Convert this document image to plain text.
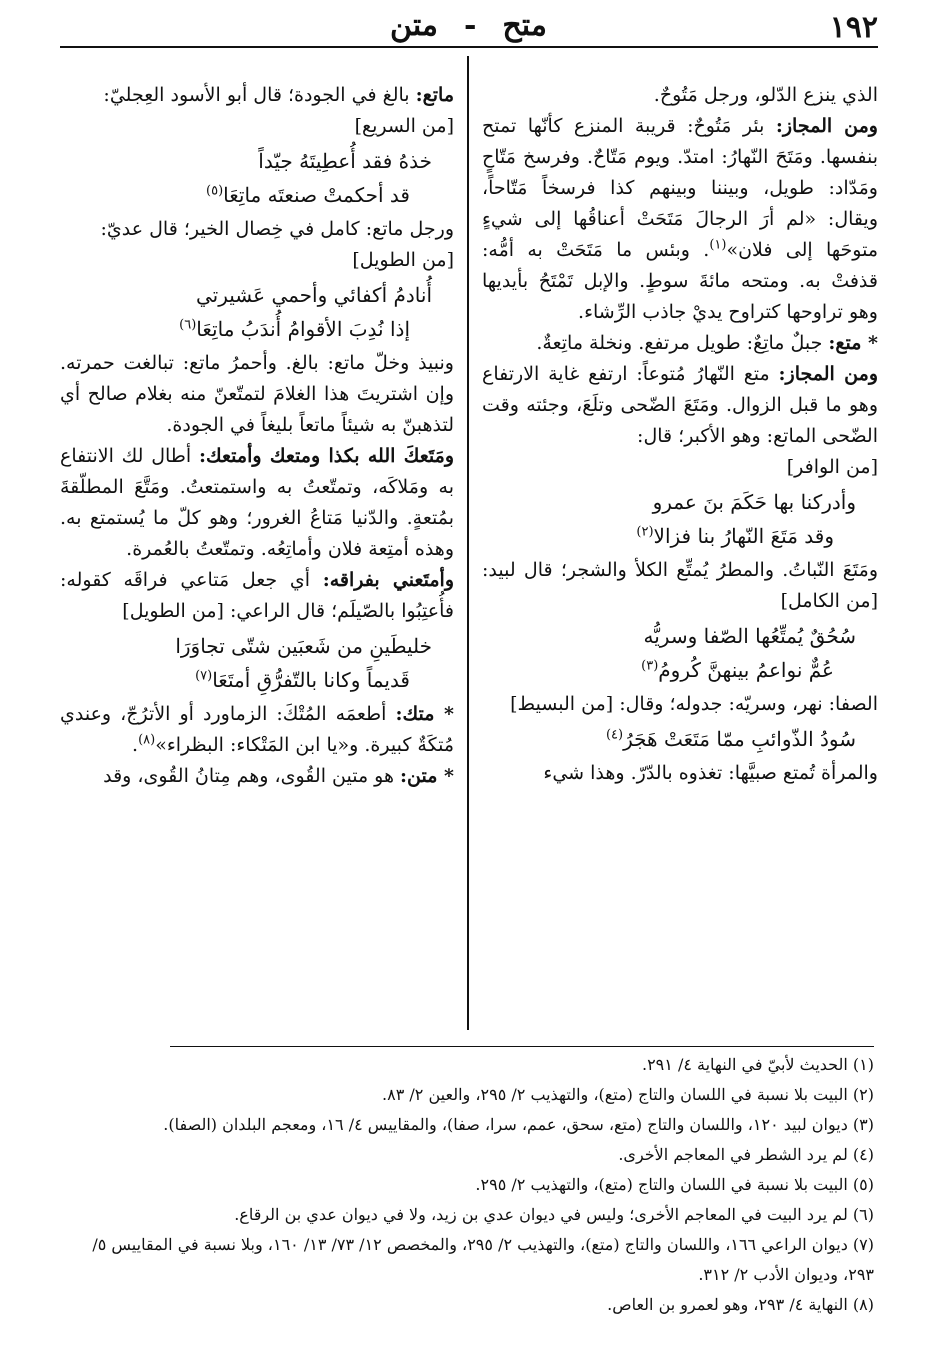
١٩٢
متح
-
متن

الذي ينزع الدّلو، ورجل مَتُوحٌ.

ومن المجاز: بئر مَتُوحٌ: قريبة المنزع كأنّها تمتح بنفسها. ومَتَحَ النّهارُ: امتدّ. ويوم مَتّاحٌ. وفرسخ مَتّاحٍ ومَدّاد: طويل، وبيننا وبينهم كذا فرسخاً مَتّاحاً، ويقال: «لم أرَ الرجالَ مَتَحَتْ أعناقُها إلى شيءٍ متوحَها إلى فلان»$^{(١)}$. وبئس ما مَتَحَتْ به أمُّه: قذفتْ به. ومتحه مائةَ سوطٍ. والإبل تَمْتَحُ بأيديها وهو تراوحها كتراوح يديْ جاذب الرِّشاء.

* متع: جبلٌ ماتِعٌ: طويل مرتفع. ونخلة ماتِعةٌ.

ومن المجاز: متع النّهارُ مُتوعاً: ارتفع غاية الارتفاع وهو ما قبل الزوال. ومَتَعَ الضّحى وتلَعَ، وجئته وقت الضّحى الماتع: وهو الأكبر؛ قال:

[من الوافر]

وأدركنا بها حَكَمَ بنَ عمرو
وقد مَتَعَ النّهارُ بنا فزالا$^{(٢)}$

ومَتَعَ النّباتُ. والمطرُ يُمتِّع الكلأ والشجر؛ قال لبيد: [من الكامل]

سُحُقٌ يُمتِّعُها الصّفا وسريُّه
عُمٌّ نواعمُ بينهنَّ كُرومُ$^{(٣)}$

الصفا: نهر، وسريّه: جدوله؛ وقال: [من البسيط]

سُودُ الذّوائبِ ممّا مَتَعَتْ هَجَرُ$^{(٤)}$

والمرأة تُمتع صبيَّها: تغذوه بالدّرّ. وهذا شيء

ماتع: بالغ في الجودة؛ قال أبو الأسود العِجليّ:

[من السريع]

خذهُ فقد أُعطِيتَهُ جيّداً
قد أحكمتْ صنعتَه ماتِعَا$^{(٥)}$

ورجل ماتع: كامل في خِصال الخير؛ قال عديّ:

[من الطويل]

أُنادمُ أكفائي وأحمي عَشيرتي
إذا نُدِبَ الأقوامُ أُندَبُ ماتِعَا$^{(٦)}$

ونبيذ وخلّ ماتع: بالغ. وأحمرُ ماتع: تبالغت حمرته. وإن اشتريتَ هذا الغلامَ لتمتّعنّ منه بغلام صالح أي لتذهبنّ به شيئاً ماتعاً بليغاً في الجودة.

ومَتَعكَ الله بكذا ومتعك وأمتعك: أطال لك الانتفاع به ومَلاكَه، وتمتّعتُ به واستمتعتُ. ومَتَّعَ المطلّقةَ بمُتعةٍ. والدّنيا مَتاعُ الغرور؛ وهو كلّ ما يُستمتع به. وهذه أمتِعة فلان وأماتِعُه. وتمتّعتُ بالعُمرة.

وأمتَعني بفراقه: أي جعل مَتاعي فراقَه كقوله: فأُعتِبُوا بالصّيلَم؛ قال الراعي: [من الطويل]

خليطَينِ من شَعبَين شتّى تجاوَرَا
قَديماً وكانا بالتّفرُّقِ أمتَعَا$^{(٧)}$

* متك: أطعمَه المُتْكَ: الزماورد أو الأترُجّ، وعندي مُتكَةٌ كبيرة. و«يا ابن المَتْكاء: البظراء»$^{(٨)}$.

* متن: هو متين القُوى، وهم مِتانُ القُوى، وقد

(١) الحديث لأبيّ في النهاية ٤/ ٢٩١.

(٢) البيت بلا نسبة في اللسان والتاج (متع)، والتهذيب ٢/ ٢٩٥، والعين ٢/ ٨٣.

(٣) ديوان لبيد ١٢٠، واللسان والتاج (متع، سحق، عمم، سرا، صفا)، والمقاييس ٤/ ١٦، ومعجم البلدان (الصفا).

(٤) لم يرد الشطر في المعاجم الأخرى.

(٥) البيت بلا نسبة في اللسان والتاج (متع)، والتهذيب ٢/ ٢٩٥.

(٦) لم يرد البيت في المعاجم الأخرى؛ وليس في ديوان عدي بن زيد، ولا في ديوان عدي بن الرقاع.

(٧) ديوان الراعي ١٦٦، واللسان والتاج (متع)، والتهذيب ٢/ ٢٩٥، والمخصص ١٢/ ٧٣/ ١٣/ ١٦٠، وبلا نسبة في المقاييس ٥/ ٢٩٣، وديوان الأدب ٢/ ٣١٢.

(٨) النهاية ٤/ ٢٩٣، وهو لعمرو بن العاص.
